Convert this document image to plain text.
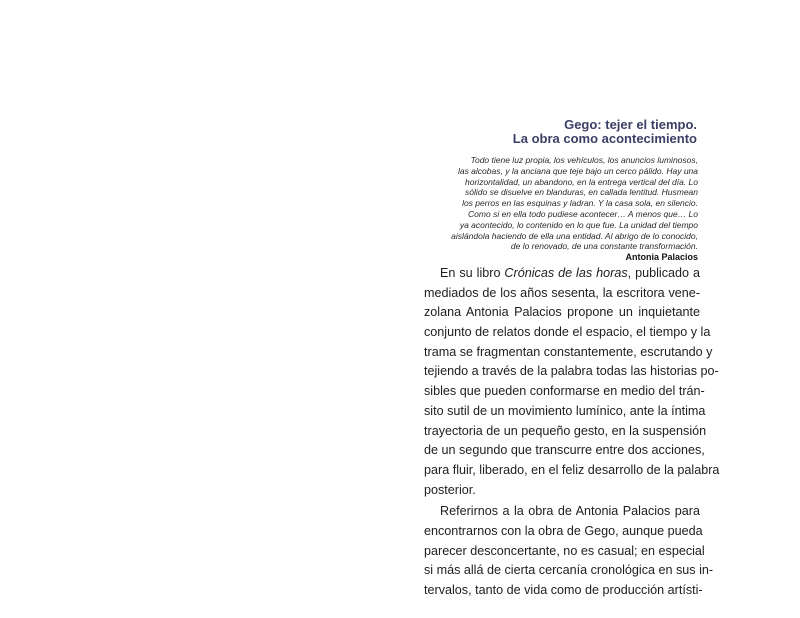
Gego: tejer el tiempo.
La obra como acontecimiento
Todo tiene luz propia, los vehículos, los anuncios luminosos,
las alcobas, y la anciana que teje bajo un cerco pálido. Hay una
horizontalidad, un abandono, en la entrega vertical del día. Lo
sólido se disuelve en blanduras, en callada lentitud. Husmean
los perros en las esquinas y ladran. Y la casa sola, en silencio.
Como si en ella todo pudiese acontecer… A menos que… Lo
ya acontecido, lo contenido en lo que fue. La unidad del tiempo
aislándola haciendo de ella una entidad. Al abrigo de lo conocido,
de lo renovado, de una constante transformación.
Antonia Palacios
En su libro Crónicas de las horas, publicado a
mediados de los años sesenta, la escritora vene-
zolana Antonia Palacios propone un inquietante
conjunto de relatos donde el espacio, el tiempo y la
trama se fragmentan constantemente, escrutando y
tejiendo a través de la palabra todas las historias po-
sibles que pueden conformarse en medio del trán-
sito sutil de un movimiento lumínico, ante la íntima
trayectoria de un pequeño gesto, en la suspensión
de un segundo que transcurre entre dos acciones,
para fluir, liberado, en el feliz desarrollo de la palabra
posterior.
Referirnos a la obra de Antonia Palacios para
encontrarnos con la obra de Gego, aunque pueda
parecer desconcertante, no es casual; en especial
si más allá de cierta cercanía cronológica en sus in-
tervalos, tanto de vida como de producción artísti-
